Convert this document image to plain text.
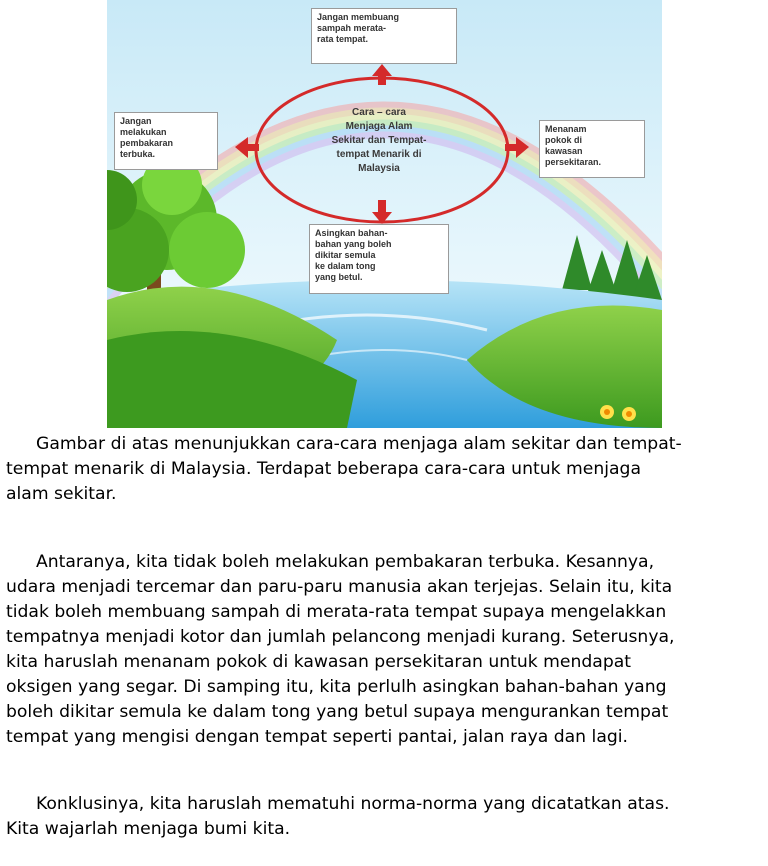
Cara – cara
Menjaga Alam
Sekitar dan Tempat-
tempat Menarik di
Malaysia
Jangan membuang
sampah merata-
rata tempat.
Jangan
melakukan
pembakaran
terbuka.
Menanam
pokok di
kawasan
persekitaran.
Asingkan bahan-
bahan yang boleh
dikitar semula
ke dalam tong
yang betul.

Gambar di atas menunjukkan cara-cara menjaga alam sekitar dan tempat-
tempat menarik di Malaysia. Terdapat beberapa cara-cara untuk menjaga
alam sekitar.

Antaranya, kita tidak boleh melakukan pembakaran terbuka. Kesannya,
udara menjadi tercemar dan paru-paru manusia akan terjejas. Selain itu, kita
tidak boleh membuang sampah di merata-rata tempat supaya mengelakkan
tempatnya menjadi kotor dan jumlah pelancong menjadi kurang. Seterusnya,
kita haruslah menanam pokok di kawasan persekitaran untuk mendapat
oksigen yang segar. Di samping itu, kita perlulh asingkan bahan-bahan yang
boleh dikitar semula ke dalam tong yang betul supaya mengurankan tempat
tempat yang mengisi dengan tempat seperti pantai, jalan raya dan lagi.

Konklusinya, kita haruslah mematuhi norma-norma yang dicatatkan atas.
Kita wajarlah menjaga bumi kita.
